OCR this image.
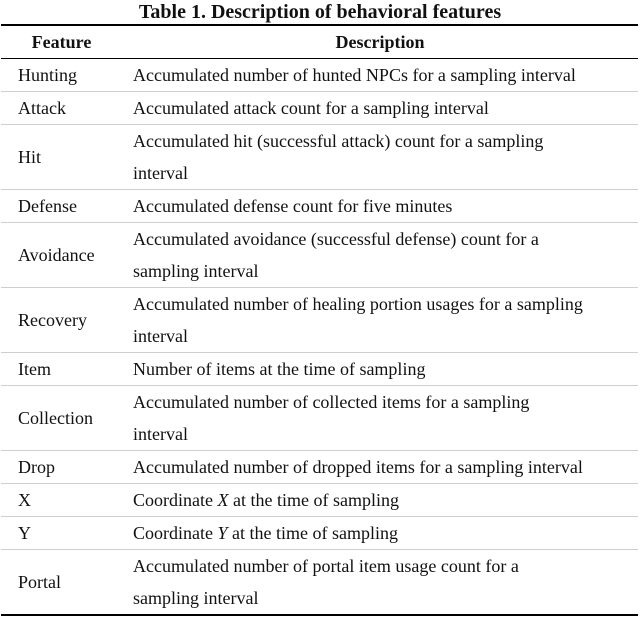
Table 1. Description of behavioral features
Feature	Description
Hunting	Accumulated number of hunted NPCs for a sampling interval
Attack	Accumulated attack count for a sampling interval
Hit	Accumulated hit (successful attack) count for a sampling
interval

Defense	Accumulated defense count for five minutes
Avoidance	Accumulated avoidance (successful defense) count for a
sampling interval

Recovery	Accumulated number of healing portion usages for a sampling
interval

Item	Number of items at the time of sampling
Collection	Accumulated number of collected items for a sampling
interval

Drop	Accumulated number of dropped items for a sampling interval
X	Coordinate X at the time of sampling
Y	Coordinate Y at the time of sampling
Portal	Accumulated number of portal item usage count for a
sampling interval
